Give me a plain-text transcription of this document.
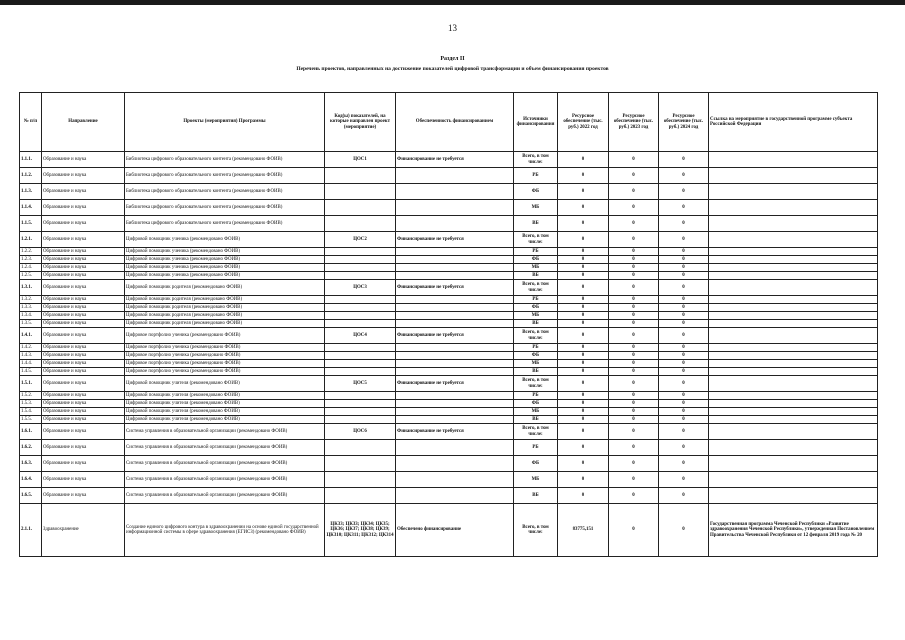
13
Раздел II
Перечень проектов, направленных на достижение показателей цифровой трансформации и объем финансирования проектов
№ п/п	Направление	Проекты (мероприятия) Программы	Код(ы) показателей, на которые направлен проект (мероприятие)	Обеспеченность финансированием	Источники финансирования	Ресурсное обеспечение (тыс. руб.) 2022 год	Ресурсное обеспечение (тыс. руб.) 2023 год	Ресурсное обеспечение (тыс. руб.) 2024 год	Ссылка на мероприятие в государственной программе субъекта Российской Федерации
1.1.1.	Образование и наука	Библиотека цифрового образовательного контента (рекомендовано ФОИВ)	ЦОС1	Финансирование не требуется	Всего, в том числе:	0	0	0	
1.1.2.	Образование и наука	Библиотека цифрового образовательного контента (рекомендовано ФОИВ)			РБ	0	0	0	
1.1.3.	Образование и наука	Библиотека цифрового образовательного контента (рекомендовано ФОИВ)			ФБ	0	0	0	
1.1.4.	Образование и наука	Библиотека цифрового образовательного контента (рекомендовано ФОИВ)			МБ	0	0	0	
1.1.5.	Образование и наука	Библиотека цифрового образовательного контента (рекомендовано ФОИВ)			ВБ	0	0	0	
1.2.1.	Образование и наука	Цифровой помощник ученика (рекомендовано ФОИВ)	ЦОС2	Финансирование не требуется	Всего, в том числе:	0	0	0	
1.2.2.	Образование и наука	Цифровой помощник ученика (рекомендовано ФОИВ)			РБ	0	0	0	
1.2.3.	Образование и наука	Цифровой помощник ученика (рекомендовано ФОИВ)			ФБ	0	0	0	
1.2.4.	Образование и наука	Цифровой помощник ученика (рекомендовано ФОИВ)			МБ	0	0	0	
1.2.5.	Образование и наука	Цифровой помощник ученика (рекомендовано ФОИВ)			ВБ	0	0	0	
1.3.1.	Образование и наука	Цифровой помощник родителя (рекомендовано ФОИВ)	ЦОС3	Финансирование не требуется	Всего, в том числе:	0	0	0	
1.3.2.	Образование и наука	Цифровой помощник родителя (рекомендовано ФОИВ)			РБ	0	0	0	
1.3.3.	Образование и наука	Цифровой помощник родителя (рекомендовано ФОИВ)			ФБ	0	0	0	
1.3.4.	Образование и наука	Цифровой помощник родителя (рекомендовано ФОИВ)			МБ	0	0	0	
1.3.5.	Образование и наука	Цифровой помощник родителя (рекомендовано ФОИВ)			ВБ	0	0	0	
1.4.1.	Образование и наука	Цифровое портфолио ученика (рекомендовано ФОИВ)	ЦОС4	Финансирование не требуется	Всего, в том числе:	0	0	0	
1.4.2.	Образование и наука	Цифровое портфолио ученика (рекомендовано ФОИВ)			РБ	0	0	0	
1.4.3.	Образование и наука	Цифровое портфолио ученика (рекомендовано ФОИВ)			ФБ	0	0	0	
1.4.4.	Образование и наука	Цифровое портфолио ученика (рекомендовано ФОИВ)			МБ	0	0	0	
1.4.5.	Образование и наука	Цифровое портфолио ученика (рекомендовано ФОИВ)			ВБ	0	0	0	
1.5.1.	Образование и наука	Цифровой помощник учителя (рекомендовано ФОИВ)	ЦОС5	Финансирование не требуется	Всего, в том числе:	0	0	0	
1.5.2.	Образование и наука	Цифровой помощник учителя (рекомендовано ФОИВ)			РБ	0	0	0	
1.5.3.	Образование и наука	Цифровой помощник учителя (рекомендовано ФОИВ)			ФБ	0	0	0	
1.5.4.	Образование и наука	Цифровой помощник учителя (рекомендовано ФОИВ)			МБ	0	0	0	
1.5.5.	Образование и наука	Цифровой помощник учителя (рекомендовано ФОИВ)			ВБ	0	0	0	
1.6.1.	Образование и наука	Система управления в образовательной организации (рекомендовано ФОИВ)	ЦОС6	Финансирование не требуется	Всего, в том числе:	0	0	0	
1.6.2.	Образование и наука	Система управления в образовательной организации (рекомендовано ФОИВ)			РБ	0	0	0	
1.6.3.	Образование и наука	Система управления в образовательной организации (рекомендовано ФОИВ)			ФБ	0	0	0	
1.6.4.	Образование и наука	Система управления в образовательной организации (рекомендовано ФОИВ)			МБ	0	0	0	
1.6.5.	Образование и наука	Система управления в образовательной организации (рекомендовано ФОИВ)			ВБ	0	0	0	
2.1.1.	Здравоохранение	Создание единого цифрового контура в здравоохранении на основе единой государственной информационной системы в сфере здравоохранения (ЕГИСЗ) (рекомендовано ФОИВ)	ЦК33; ЦК33; ЦК34; ЦК35; ЦК36; ЦК37; ЦК38; ЦК39; ЦК310; ЦК311; ЦК312; ЦК314	Обеспечено финансирование	Всего, в том числе:	83775,151	0	0	Государственная программа Чеченской Республики «Развитие здравоохранения Чеченской Республики», утвержденная Постановлением Правительства Чеченской Республики от 12 февраля 2019 года № 20
